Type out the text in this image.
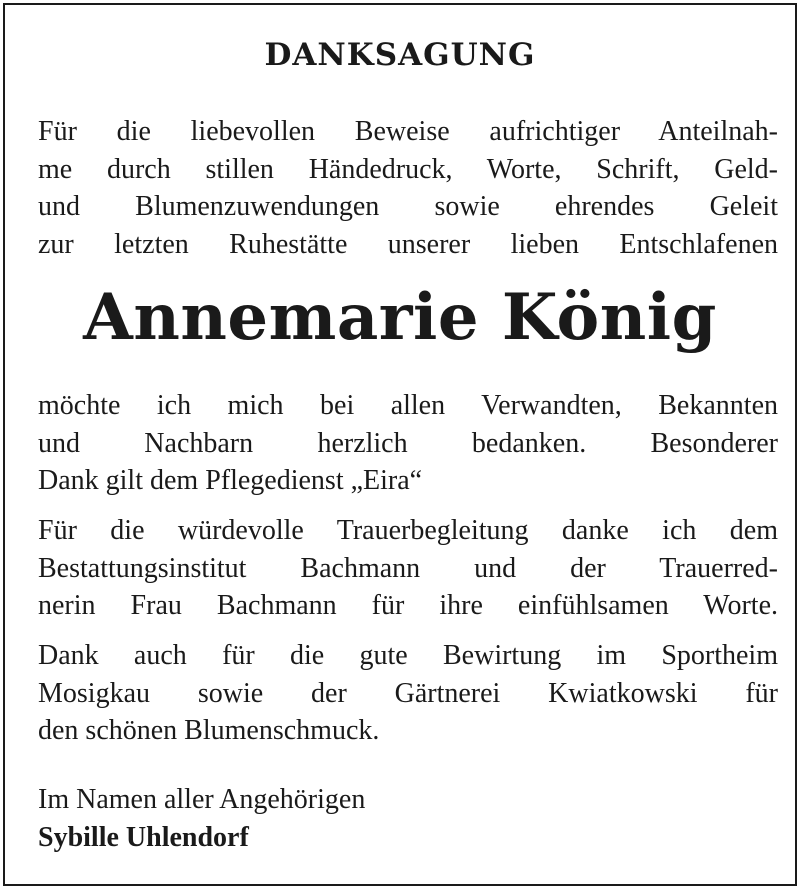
DANKSAGUNG

Für die liebevollen Beweise aufrichtiger Anteilnah-
me durch stillen Händedruck, Worte, Schrift, Geld-
und Blumenzuwendungen sowie ehrendes Geleit
zur letzten Ruhestätte unserer lieben Entschlafenen

Annemarie König

möchte ich mich bei allen Verwandten, Bekannten
und Nachbarn herzlich bedanken. Besonderer
Dank gilt dem Pflegedienst „Eira“

Für die würdevolle Trauerbegleitung danke ich dem
Bestattungsinstitut Bachmann und der Trauerred-
nerin Frau Bachmann für ihre einfühlsamen Worte.

Dank auch für die gute Bewirtung im Sportheim
Mosigkau sowie der Gärtnerei Kwiatkowski für
den schönen Blumenschmuck.

Im Namen aller Angehörigen
Sybille Uhlendorf
